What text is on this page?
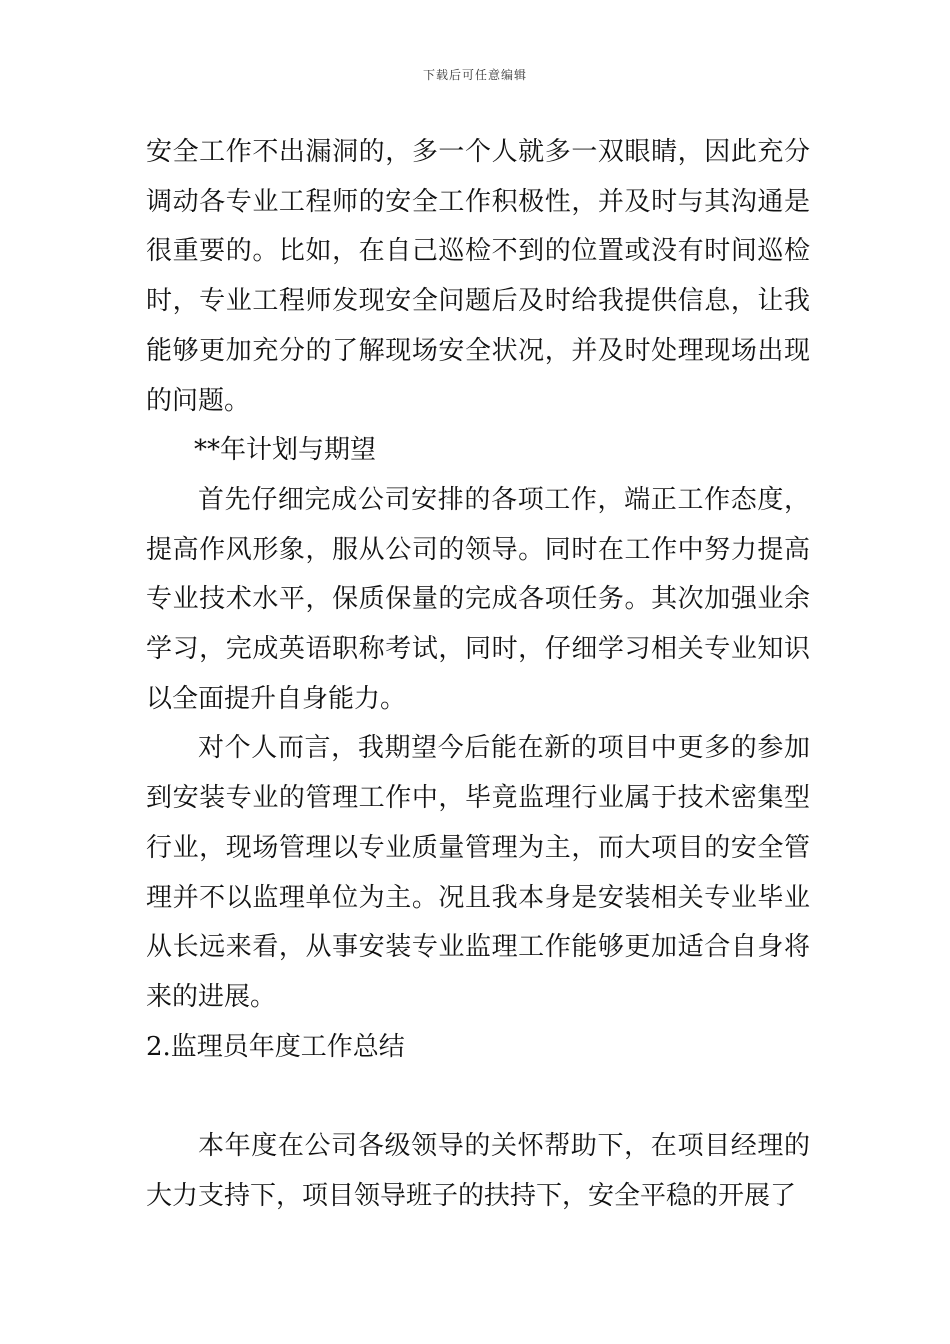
下载后可任意编辑

安全工作不出漏洞的，多一个人就多一双眼睛，因此充分调动各专业工程师的安全工作积极性，并及时与其沟通是很重要的。比如，在自己巡检不到的位置或没有时间巡检时，专业工程师发现安全问题后及时给我提供信息，让我能够更加充分的了解现场安全状况，并及时处理现场出现的问题。

**年计划与期望

首先仔细完成公司安排的各项工作，端正工作态度，提高作风形象，服从公司的领导。同时在工作中努力提高专业技术水平，保质保量的完成各项任务。其次加强业余学习，完成英语职称考试，同时，仔细学习相关专业知识以全面提升自身能力。

对个人而言，我期望今后能在新的项目中更多的参加到安装专业的管理工作中，毕竟监理行业属于技术密集型行业，现场管理以专业质量管理为主，而大项目的安全管理并不以监理单位为主。况且我本身是安装相关专业毕业从长远来看，从事安装专业监理工作能够更加适合自身将来的进展。

2.监理员年度工作总结

本年度在公司各级领导的关怀帮助下，在项目经理的大力支持下，项目领导班子的扶持下，安全平稳的开展了
